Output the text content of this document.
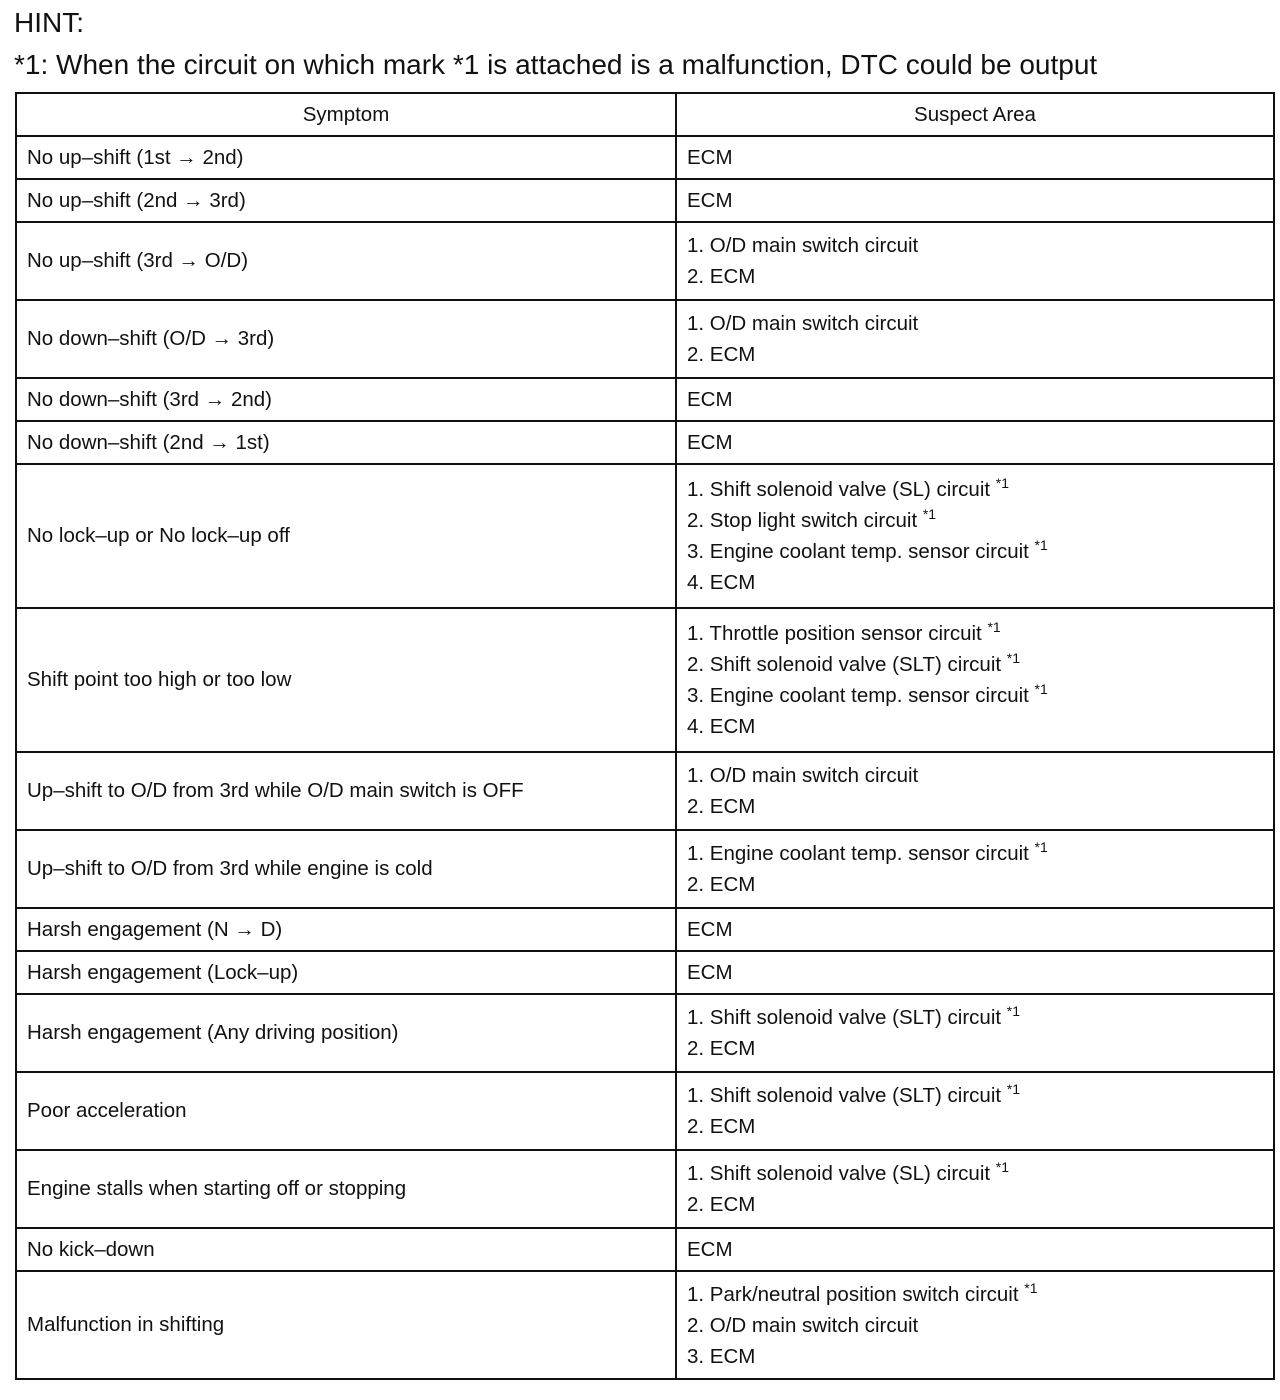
HINT:
*1: When the circuit on which mark *1 is attached is a malfunction, DTC could be output
Symptom	Suspect Area
No up–shift (1st → 2nd)	ECM

No up–shift (2nd → 3rd)	ECM

No up–shift (3rd → O/D)	1. O/D main switch circuit
2. ECM

No down–shift (O/D → 3rd)	1. O/D main switch circuit
2. ECM

No down–shift (3rd → 2nd)	ECM

No down–shift (2nd → 1st)	ECM

No lock–up or No lock–up off	1. Shift solenoid valve (SL) circuit $^{*1}$
2. Stop light switch circuit $^{*1}$
3. Engine coolant temp. sensor circuit $^{*1}$
4. ECM

Shift point too high or too low	1. Throttle position sensor circuit $^{*1}$
2. Shift solenoid valve (SLT) circuit $^{*1}$
3. Engine coolant temp. sensor circuit $^{*1}$
4. ECM

Up–shift to O/D from 3rd while O/D main switch is OFF	1. O/D main switch circuit
2. ECM

Up–shift to O/D from 3rd while engine is cold	1. Engine coolant temp. sensor circuit $^{*1}$
2. ECM

Harsh engagement (N → D)	ECM

Harsh engagement (Lock–up)	ECM

Harsh engagement (Any driving position)	1. Shift solenoid valve (SLT) circuit $^{*1}$
2. ECM

Poor acceleration	1. Shift solenoid valve (SLT) circuit $^{*1}$
2. ECM

Engine stalls when starting off or stopping	1. Shift solenoid valve (SL) circuit $^{*1}$
2. ECM

No kick–down	ECM

Malfunction in shifting	1. Park/neutral position switch circuit $^{*1}$
2. O/D main switch circuit
3. ECM
